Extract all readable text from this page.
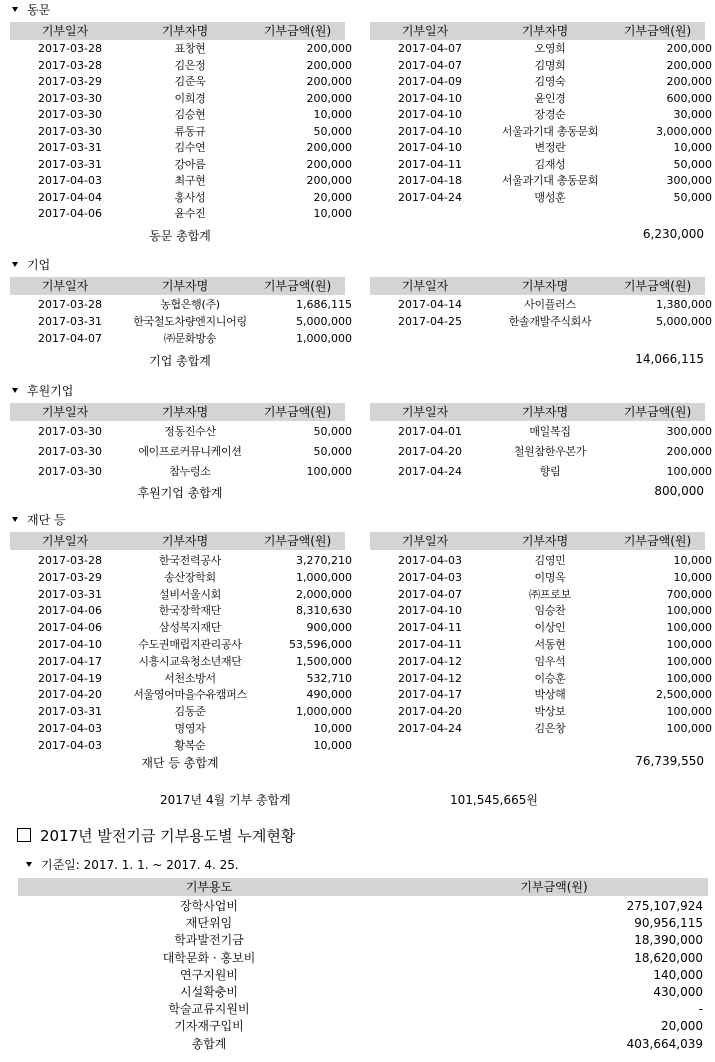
동문
기부일자	기부자명	기부금액(원)
2017-03-28	표창현	200,000
2017-03-28	김은정	200,000
2017-03-29	김준욱	200,000
2017-03-30	이희경	200,000
2017-03-30	김승현	10,000
2017-03-30	류동규	50,000
2017-03-31	김수연	200,000
2017-03-31	강아름	200,000
2017-04-03	최구현	200,000
2017-04-04	홍사성	20,000
2017-04-06	윤수진	10,000
기부일자	기부자명	기부금액(원)
2017-04-07	오영희	200,000
2017-04-07	김명희	200,000
2017-04-09	김영숙	200,000
2017-04-10	윤인경	600,000
2017-04-10	장경순	30,000
2017-04-10	서울과기대 총동문회	3,000,000
2017-04-10	변정란	10,000
2017-04-11	김재성	50,000
2017-04-18	서울과기대 총동문회	300,000
2017-04-24	맹성훈	50,000
동문 총합계	6,230,000
기업
기부일자	기부자명	기부금액(원)
2017-03-28	농협은행(주)	1,686,115
2017-03-31	한국철도차량엔지니어링	5,000,000
2017-04-07	㈜문화방송	1,000,000
기부일자	기부자명	기부금액(원)
2017-04-14	사이플러스	1,380,000
2017-04-25	한솔개발주식회사	5,000,000
기업 총합계	14,066,115
후원기업
기부일자	기부자명	기부금액(원)
2017-03-30	정동진수산	50,000
2017-03-30	에이프로커뮤니케이션	50,000
2017-03-30	참누렁소	100,000
기부일자	기부자명	기부금액(원)
2017-04-01	매일복집	300,000
2017-04-20	철원참한우본가	200,000
2017-04-24	향림	100,000
후원기업 총합계	800,000
재단 등
기부일자	기부자명	기부금액(원)
2017-03-28	한국전력공사	3,270,210
2017-03-29	송산장학회	1,000,000
2017-03-31	설비서울시회	2,000,000
2017-04-06	한국장학재단	8,310,630
2017-04-06	삼성복지재단	900,000
2017-04-10	수도권매립지관리공사	53,596,000
2017-04-17	시흥시교육청소년재단	1,500,000
2017-04-19	서천소방서	532,710
2017-04-20	서울영어마을수유캠퍼스	490,000
2017-03-31	김동준	1,000,000
2017-04-03	명영자	10,000
2017-04-03	황복순	10,000
기부일자	기부자명	기부금액(원)
2017-04-03	김영민	10,000
2017-04-03	이명옥	10,000
2017-04-07	㈜프로보	700,000
2017-04-10	임승찬	100,000
2017-04-11	이상인	100,000
2017-04-11	서동현	100,000
2017-04-12	임우석	100,000
2017-04-12	이승훈	100,000
2017-04-17	박상해	2,500,000
2017-04-20	박상보	100,000
2017-04-24	김은창	100,000
재단 등 총합계	76,739,550
2017년 4월 기부 총합계	101,545,665원
2017년 발전기금 기부용도별 누계현황
기준일: 2017. 1. 1. ~ 2017. 4. 25.
기부용도	기부금액(원)
장학사업비	275,107,924
재단위임	90,956,115
학과발전기금	18,390,000
대학문화 · 홍보비	18,620,000
연구지원비	140,000
시설확충비	430,000
학술교류지원비	-
기자재구입비	20,000
총합계	403,664,039
